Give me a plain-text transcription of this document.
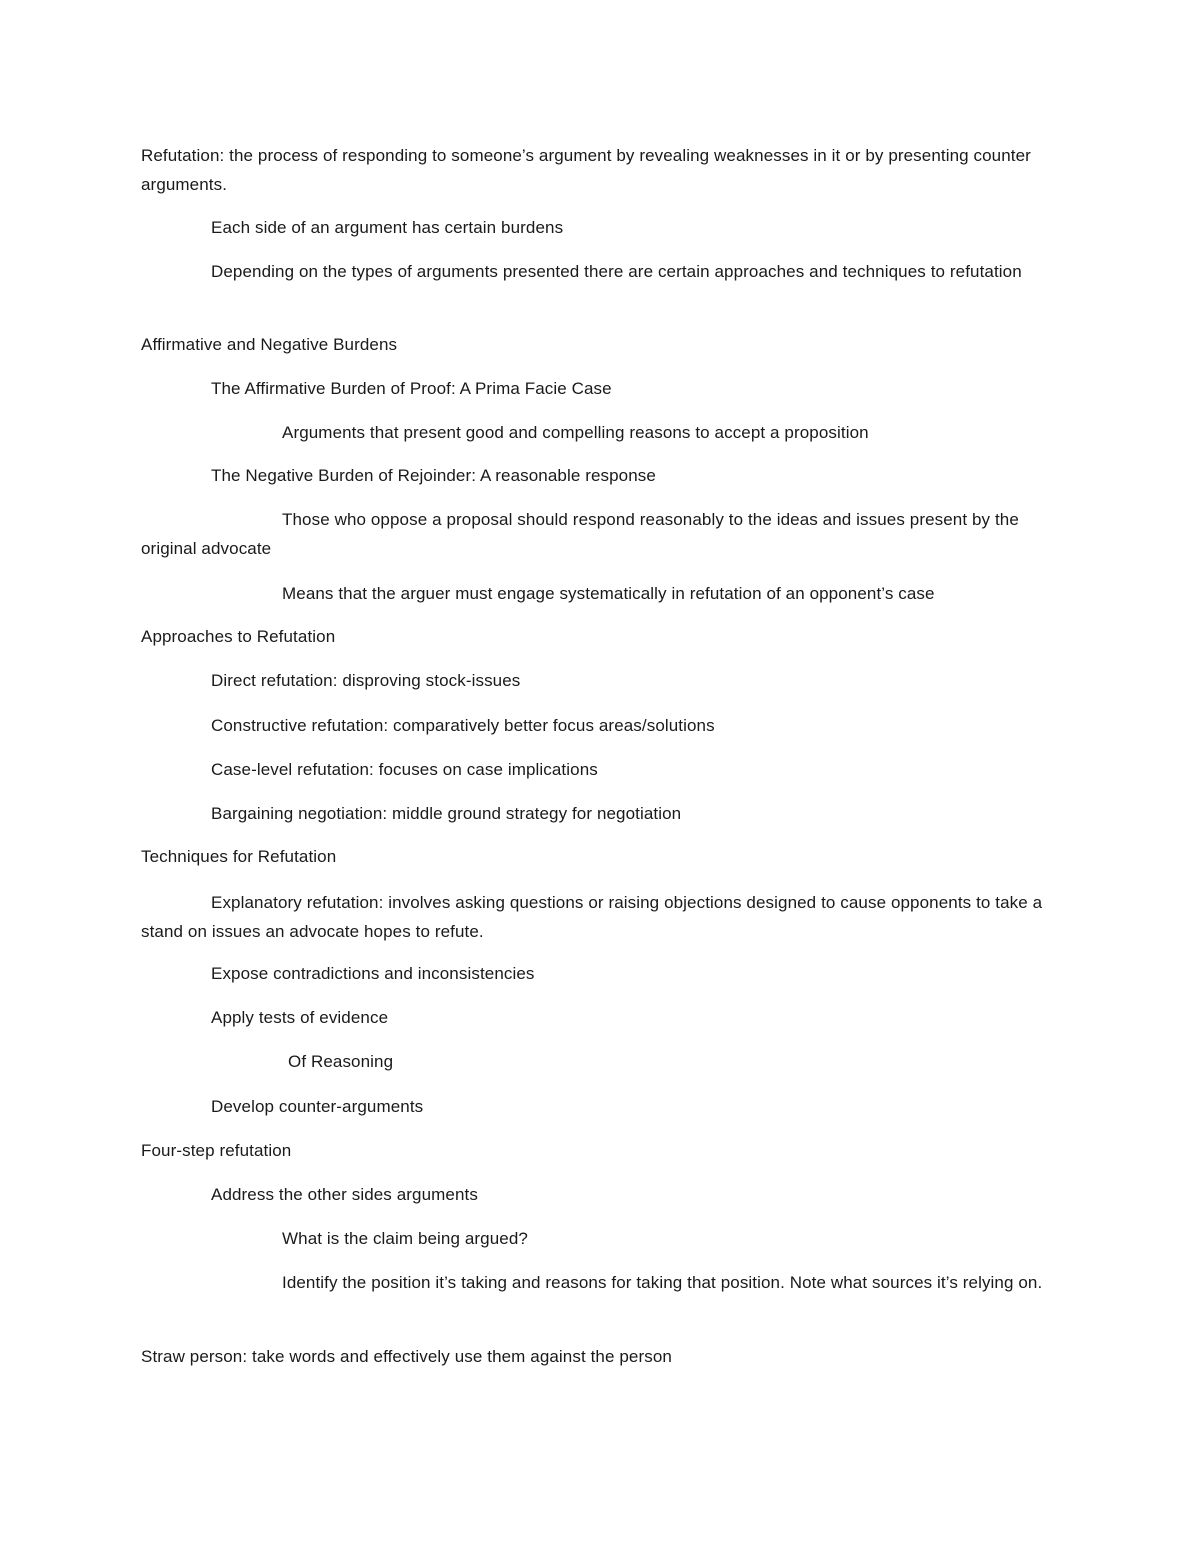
Refutation: the process of responding to someone’s argument by revealing weaknesses in it or by presenting counter arguments.

Each side of an argument has certain burdens

Depending on the types of arguments presented there are certain approaches and techniques to refutation

Affirmative and Negative Burdens

The Affirmative Burden of Proof: A Prima Facie Case

Arguments that present good and compelling reasons to accept a proposition

The Negative Burden of Rejoinder: A reasonable response

Those who oppose a proposal should respond reasonably to the ideas and issues present by the original advocate

Means that the arguer must engage systematically in refutation of an opponent’s case

Approaches to Refutation

Direct refutation: disproving stock-issues

Constructive refutation: comparatively better focus areas/solutions

Case-level refutation: focuses on case implications

Bargaining negotiation: middle ground strategy for negotiation

Techniques for Refutation

Explanatory refutation: involves asking questions or raising objections designed to cause opponents to take a stand on issues an advocate hopes to refute.

Expose contradictions and inconsistencies

Apply tests of evidence

Of Reasoning

Develop counter-arguments

Four-step refutation

Address the other sides arguments

What is the claim being argued?

Identify the position it’s taking and reasons for taking that position. Note what sources it’s relying on.

Straw person: take words and effectively use them against the person
